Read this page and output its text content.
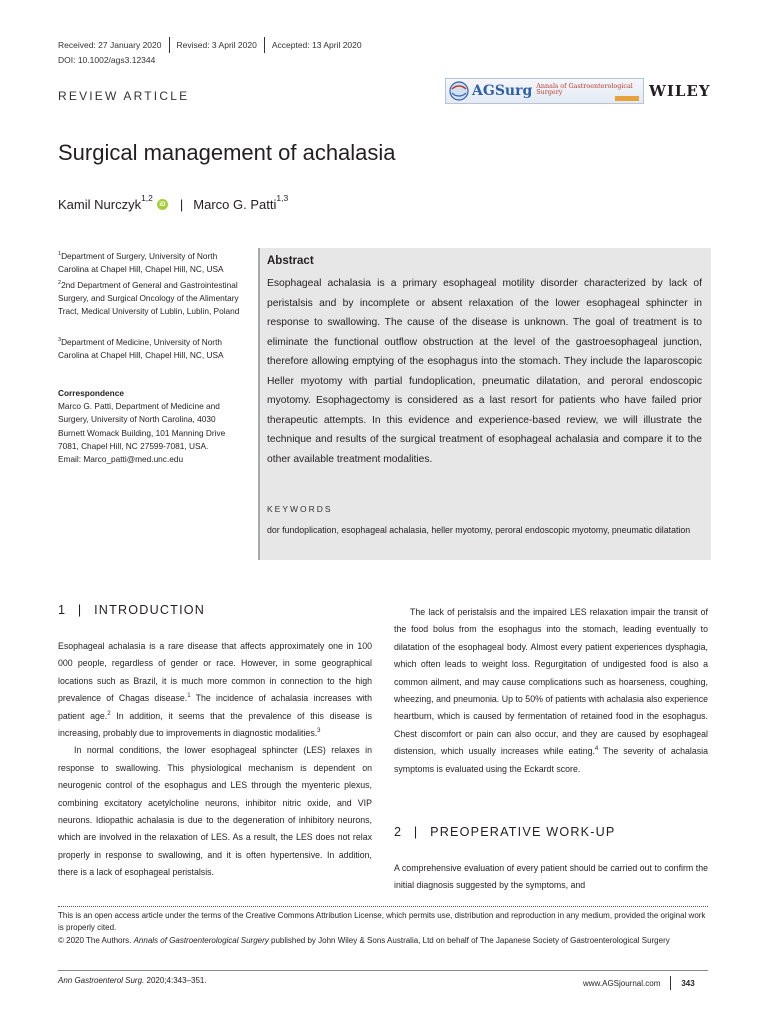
Received: 27 January 2020 Revised: 3 April 2020 Accepted: 13 April 2020
DOI: 10.1002/ags3.12344
REVIEW ARTICLE	AGSurg Annals of Gastroenterological Surgery	WILEY
Surgical management of achalasia
Kamil Nurczyk$^{1,2}$
iD | Marco G. Patti$^{1,3}$
$^1$Department of Surgery, University of North Carolina at Chapel Hill, Chapel Hill, NC, USA
$^2$2nd Department of General and Gastrointestinal Surgery, and Surgical Oncology of the Alimentary Tract, Medical University of Lublin, Lublin, Poland
$^3$Department of Medicine, University of North Carolina at Chapel Hill, Chapel Hill, NC, USA
Correspondence
Marco G. Patti, Department of Medicine and Surgery, University of North Carolina, 4030 Burnett Womack Building, 101 Manning Drive 7081, Chapel Hill, NC 27599-7081, USA.
Email: Marco_patti@med.unc.edu
Abstract
Esophageal achalasia is a primary esophageal motility disorder characterized by lack of peristalsis and by incomplete or absent relaxation of the lower esophageal sphincter in response to swallowing. The cause of the disease is unknown. The goal of treatment is to eliminate the functional outflow obstruction at the level of the gastroesophageal junction, therefore allowing emptying of the esophagus into the stomach. They include the laparoscopic Heller myotomy with partial fundoplication, pneumatic dilatation, and peroral endoscopic myotomy. Esophagectomy is considered as a last resort for patients who have failed prior therapeutic attempts. In this evidence and experience-based review, we will illustrate the technique and results of the surgical treatment of esophageal achalasia and compare it to the other available treatment modalities.
KEYWORDS
dor fundoplication, esophageal achalasia, heller myotomy, peroral endoscopic myotomy, pneumatic dilatation
1 | INTRODUCTION

Esophageal achalasia is a rare disease that affects approximately one in 100 000 people, regardless of gender or race. However, in some geographical locations such as Brazil, it is much more common in connection to the high prevalence of Chagas disease.$^1$ The incidence of achalasia increases with patient age.$^2$ In addition, it seems that the prevalence of this disease is increasing, probably due to improvements in diagnostic modalities.$^3$

In normal conditions, the lower esophageal sphincter (LES) relaxes in response to swallowing. This physiological mechanism is dependent on neurogenic control of the esophagus and LES through the myenteric plexus, combining excitatory acetylcholine neurons, inhibitor nitric oxide, and VIP neurons. Idiopathic achalasia is due to the degeneration of inhibitory neurons, which are involved in the relaxation of LES. As a result, the LES does not relax properly in response to swallowing, and it is often hypertensive. In addition, there is a lack of esophageal peristalsis.

The lack of peristalsis and the impaired LES relaxation impair the transit of the food bolus from the esophagus into the stomach, leading eventually to dilatation of the esophageal body. Almost every patient experiences dysphagia, which often leads to weight loss. Regurgitation of undigested food is also a common ailment, and may cause complications such as hoarseness, coughing, wheezing, and pneumonia. Up to 50% of patients with achalasia also experience heartburn, which is caused by fermentation of retained food in the esophagus. Chest discomfort or pain can also occur, and they are caused by esophageal distension, which usually increases while eating.$^4$ The severity of achalasia symptoms is evaluated using the Eckardt score.

2 | PREOPERATIVE WORK-UP
A comprehensive evaluation of every patient should be carried out to confirm the initial diagnosis suggested by the symptoms, and
This is an open access article under the terms of the Creative Commons Attribution License, which permits use, distribution and reproduction in any medium, provided the original work is properly cited.
© 2020 The Authors. Annals of Gastroenterological Surgery published by John Wiley & Sons Australia, Ltd on behalf of The Japanese Society of Gastroenterological Surgery
Ann Gastroenterol Surg. 2020;4:343–351.	www.AGSjournal.com	343
